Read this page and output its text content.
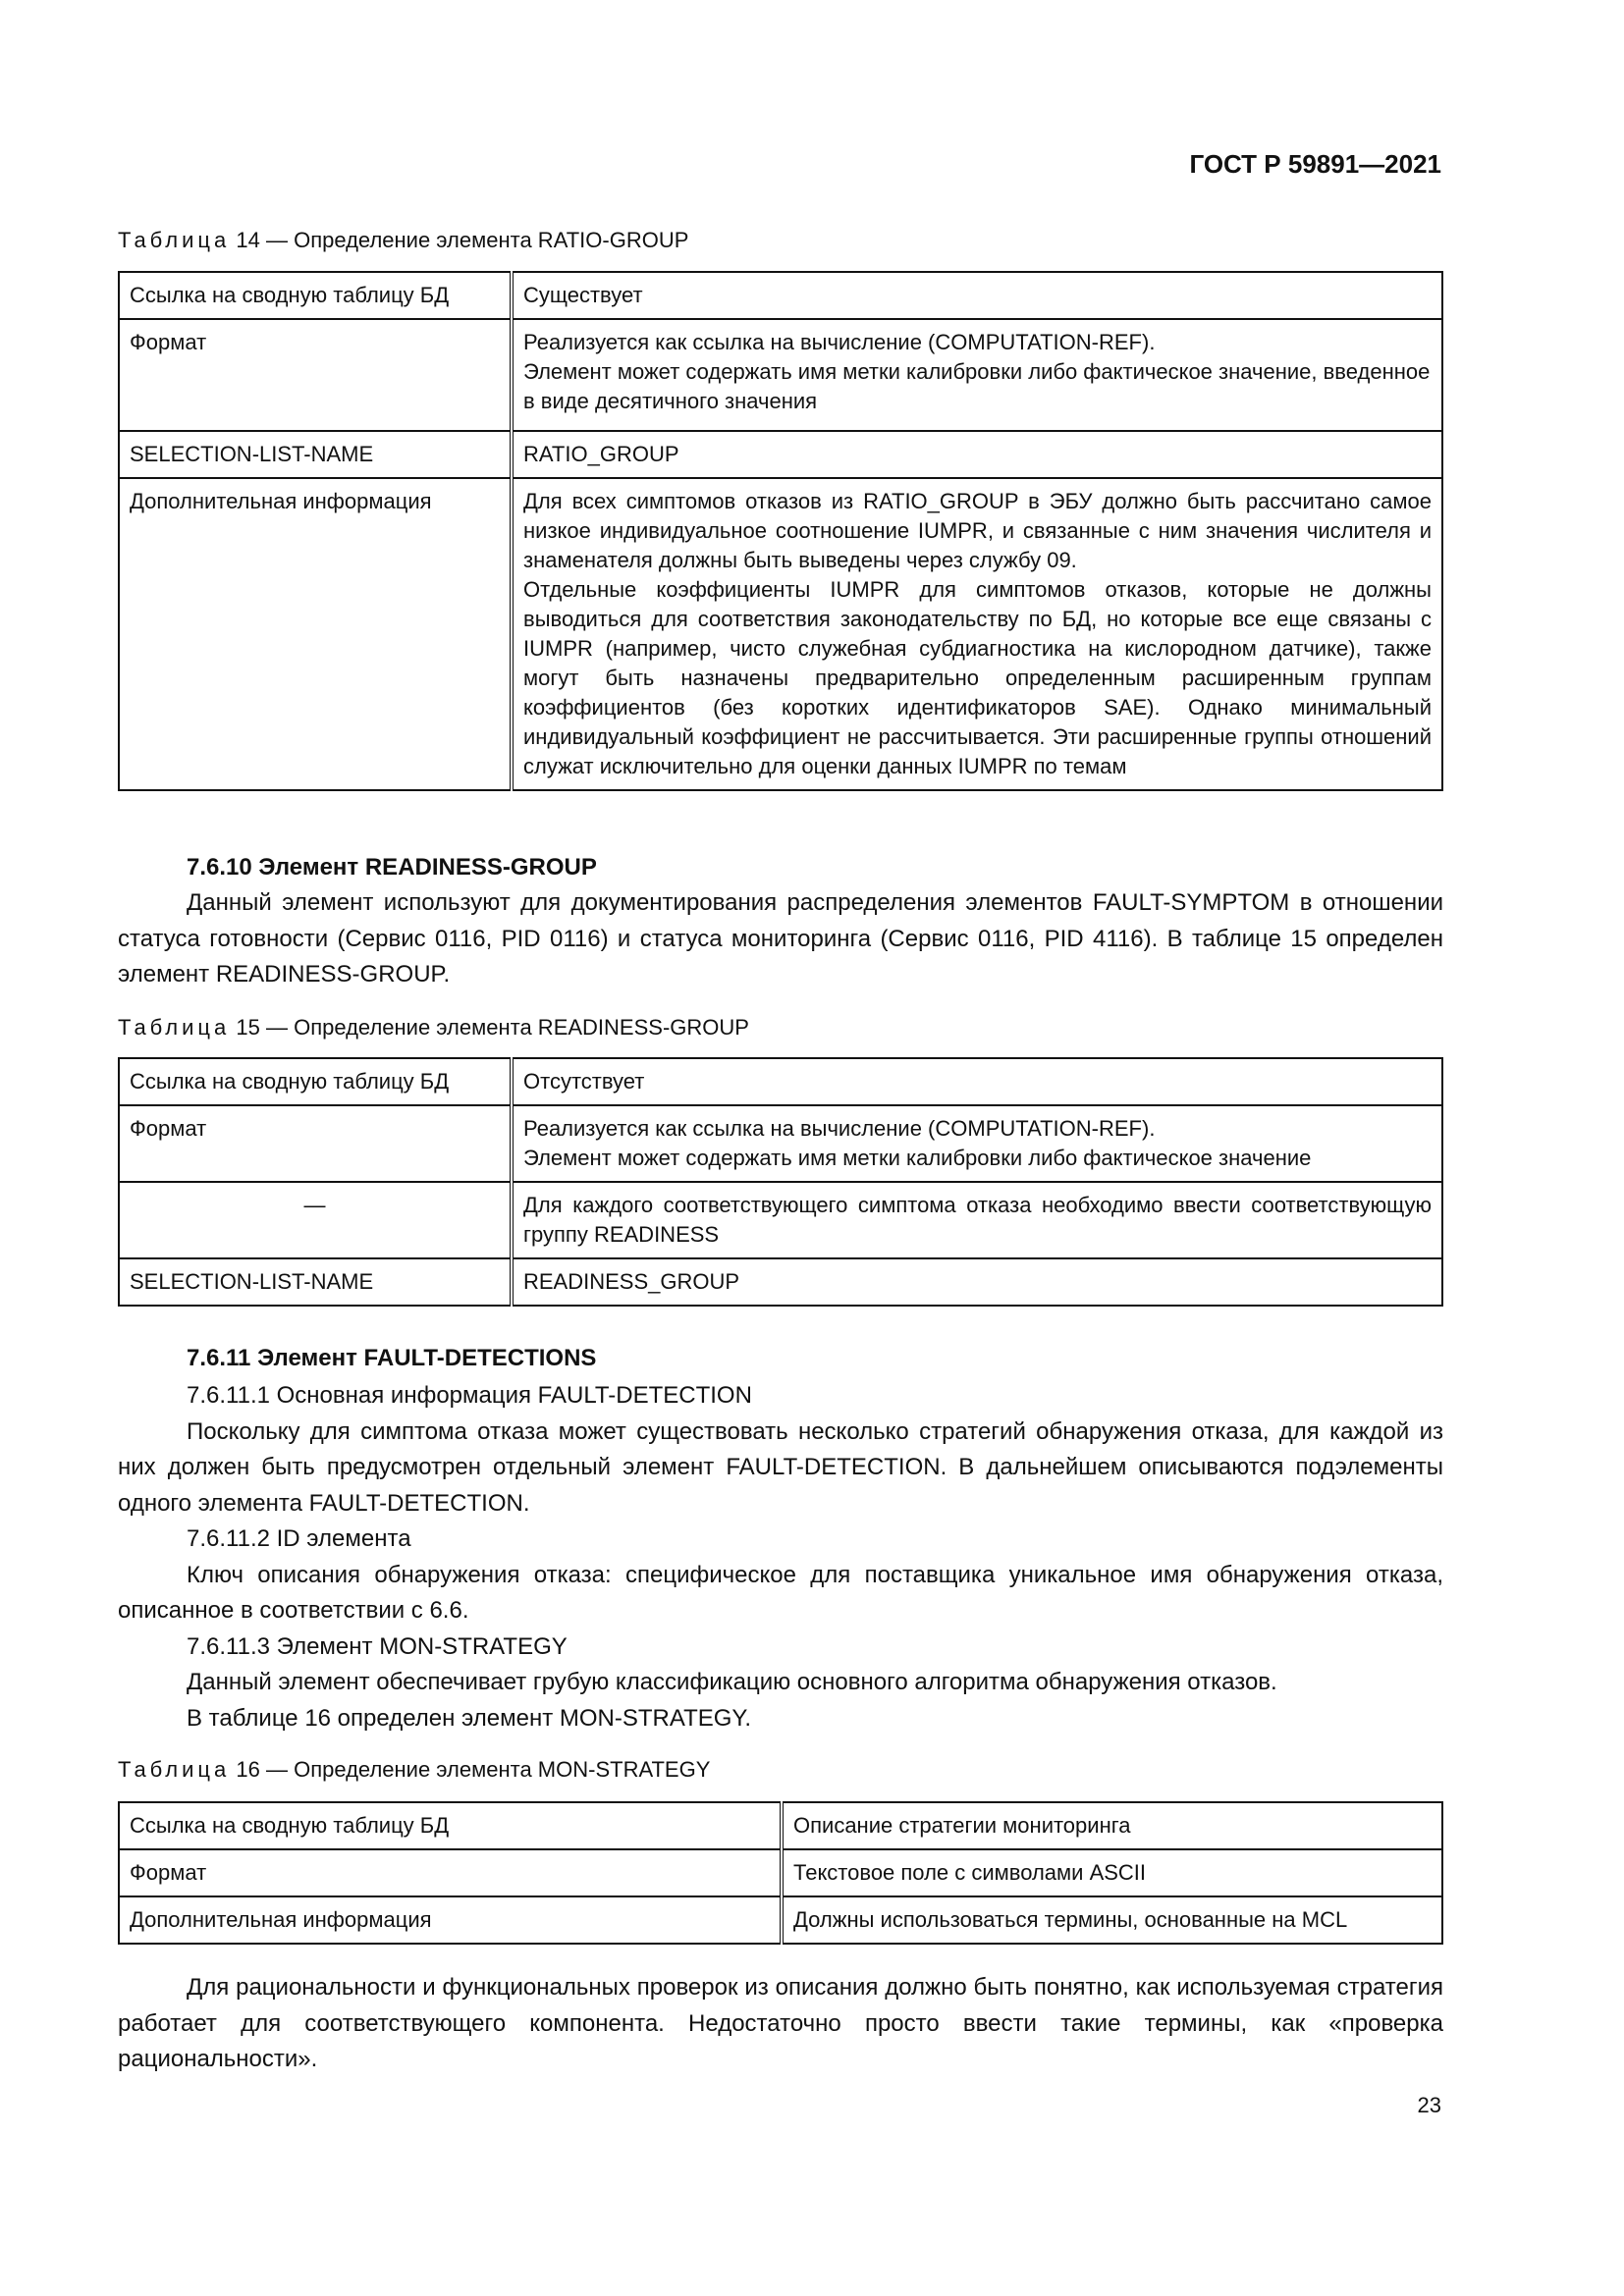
ГОСТ Р 59891—2021
Таблица 14 — Определение элемента RATIO-GROUP
Ссылка на сводную таблицу БД	Существует
Формат	Реализуется как ссылка на вычисление (COMPUTATION-REF).
Элемент может содержать имя метки калибровки либо фактическое значение, введенное в виде десятичного значения

SELECTION-LIST-NAME	RATIO_GROUP
Дополнительная информация	Для всех симптомов отказов из RATIO_GROUP в ЭБУ должно быть рассчитано самое низкое индивидуальное соотношение IUMPR, и связанные с ним значения числителя и знаменателя должны быть выведены через службу 09.
Отдельные коэффициенты IUMPR для симптомов отказов, которые не должны выводиться для соответствия законодательству по БД, но которые все еще связаны с IUMPR (например, чисто служебная субдиагностика на кислородном датчике), также могут быть назначены предварительно определенным расширенным группам коэффициентов (без коротких идентификаторов SAE). Однако минимальный индивидуальный коэффициент не рассчитывается. Эти расширенные группы отношений служат исключительно для оценки данных IUMPR по темам
7.6.10 Элемент READINESS-GROUP
Данный элемент используют для документирования распределения элементов FAULT-SYMPTOM в отношении статуса готовности (Сервис 0116, PID 0116) и статуса мониторинга (Сервис 0116, PID 4116). В таблице 15 определен элемент READINESS-GROUP.
Таблица 15 — Определение элемента READINESS-GROUP
Ссылка на сводную таблицу БД	Отсутствует
Формат	Реализуется как ссылка на вычисление (COMPUTATION-REF).
Элемент может содержать имя метки калибровки либо фактическое значение

—	Для каждого соответствующего симптома отказа необходимо ввести соответствующую группу READINESS
SELECTION-LIST-NAME	READINESS_GROUP
7.6.11 Элемент FAULT-DETECTIONS
7.6.11.1 Основная информация FAULT-DETECTION
Поскольку для симптома отказа может существовать несколько стратегий обнаружения отказа, для каждой из них должен быть предусмотрен отдельный элемент FAULT-DETECTION. В дальнейшем описываются подэлементы одного элемента FAULT-DETECTION.
7.6.11.2 ID элемента
Ключ описания обнаружения отказа: специфическое для поставщика уникальное имя обнаружения отказа, описанное в соответствии с 6.6.
7.6.11.3 Элемент MON-STRATEGY
Данный элемент обеспечивает грубую классификацию основного алгоритма обнаружения отказов.
В таблице 16 определен элемент MON-STRATEGY.
Таблица 16 — Определение элемента MON-STRATEGY
Ссылка на сводную таблицу БД	Описание стратегии мониторинга
Формат	Текстовое поле с символами ASCII
Дополнительная информация	Должны использоваться термины, основанные на MCL
Для рациональности и функциональных проверок из описания должно быть понятно, как используемая стратегия работает для соответствующего компонента. Недостаточно просто ввести такие термины, как «проверка рациональности».
23
